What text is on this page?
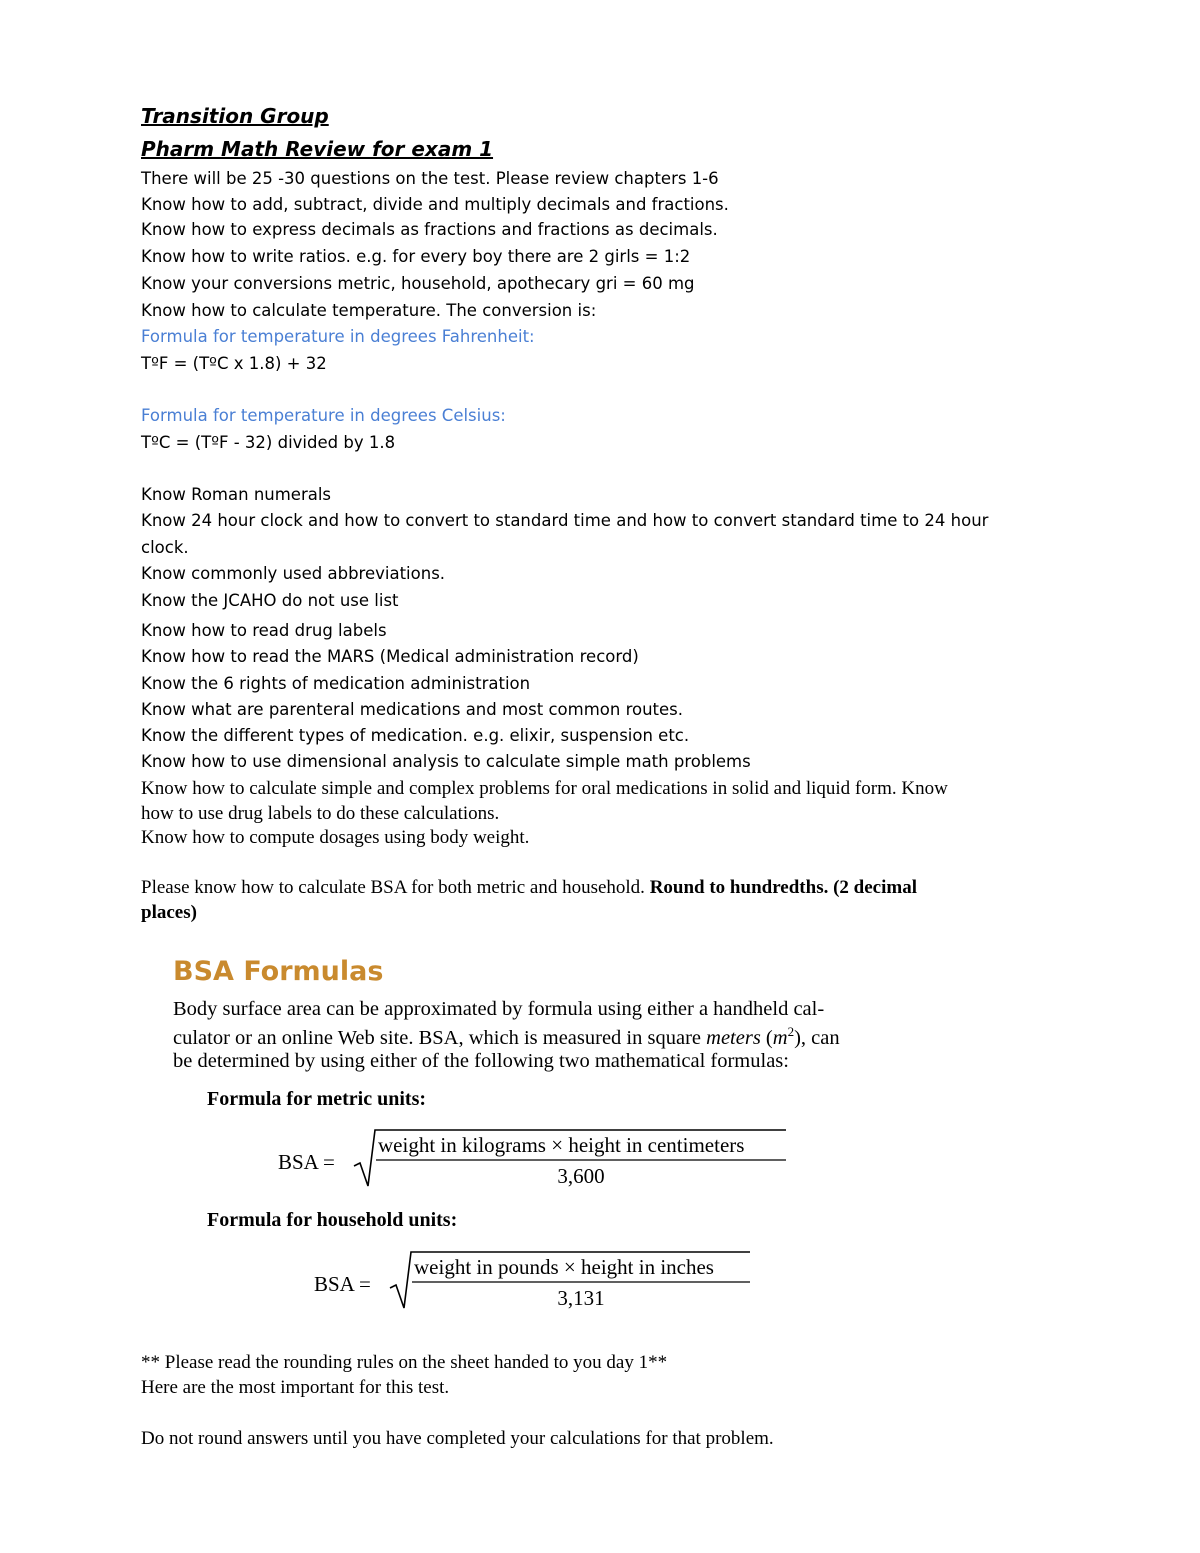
Transition Group
Pharm Math Review for exam 1
There will be 25 -30 questions on the test. Please review chapters 1-6
Know how to add, subtract, divide and multiply decimals and fractions.
Know how to express decimals as fractions and fractions as decimals.
Know how to write ratios. e.g. for every boy there are 2 girls = 1:2
Know your conversions metric, household, apothecary gri = 60 mg
Know how to calculate temperature. The conversion is:
Formula for temperature in degrees Fahrenheit:
TºF = (TºC x 1.8) + 32
Formula for temperature in degrees Celsius:
TºC = (TºF - 32) divided by 1.8
Know Roman numerals
Know 24 hour clock and how to convert to standard time and how to convert standard time to 24 hour
clock.
Know commonly used abbreviations.
Know the JCAHO do not use list
Know how to read drug labels
Know how to read the MARS (Medical administration record)
Know the 6 rights of medication administration
Know what are parenteral medications and most common routes.
Know the different types of medication. e.g. elixir, suspension etc.
Know how to use dimensional analysis to calculate simple math problems
Know how to calculate simple and complex problems for oral medications in solid and liquid form. Know
how to use drug labels to do these calculations.
Know how to compute dosages using body weight.
Please know how to calculate BSA for both metric and household. Round to hundredths. (2 decimal
places)
BSA Formulas
Body surface area can be approximated by formula using either a handheld cal-
culator or an online Web site. BSA, which is measured in square meters $(m^2)$, can
be determined by using either of the following two mathematical formulas:
Formula for metric units:
BSA =
weight in kilograms × height in centimeters
3,600
Formula for household units:
BSA =
weight in pounds × height in inches
3,131
** Please read the rounding rules on the sheet handed to you day 1**
Here are the most important for this test.
Do not round answers until you have completed your calculations for that problem.
